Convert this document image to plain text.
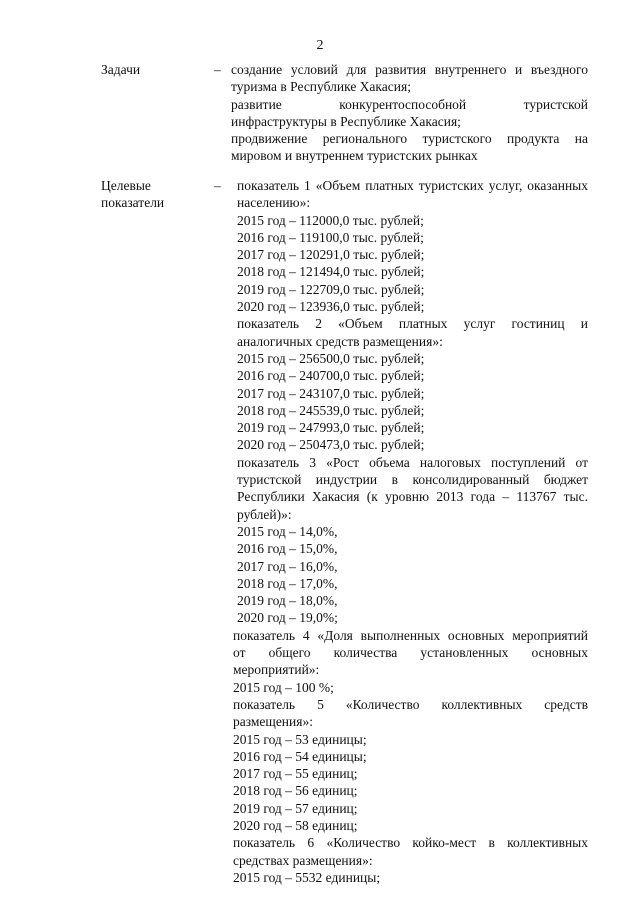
2
Задачи	– создание условий для развития внутреннего и въездного
туризма в Республике Хакасия;
развитие конкурентоспособной туристской
инфраструктуры в Республике Хакасия;
продвижение регионального туристского продукта на
мировом и внутреннем туристских рынках
Целевые
показатели
–	показатель 1 «Объем платных туристских услуг, оказанных
населению»:
2015 год – 112000,0 тыс. рублей;
2016 год – 119100,0 тыс. рублей;
2017 год – 120291,0 тыс. рублей;
2018 год – 121494,0 тыс. рублей;
2019 год – 122709,0 тыс. рублей;
2020 год – 123936,0 тыс. рублей;
показатель 2 «Объем платных услуг гостиниц и
аналогичных средств размещения»:
2015 год – 256500,0 тыс. рублей;
2016 год – 240700,0 тыс. рублей;
2017 год – 243107,0 тыс. рублей;
2018 год – 245539,0 тыс. рублей;
2019 год – 247993,0 тыс. рублей;
2020 год – 250473,0 тыс. рублей;
показатель 3 «Рост объема налоговых поступлений от
туристской индустрии в консолидированный бюджет
Республики Хакасия (к уровню 2013 года – 113767 тыс.
рублей)»:
2015 год – 14,0%,
2016 год – 15,0%,
2017 год – 16,0%,
2018 год – 17,0%,
2019 год – 18,0%,
2020 год – 19,0%;
показатель 4 «Доля выполненных основных мероприятий
от общего количества установленных основных
мероприятий»:
2015 год – 100 %;
показатель 5 «Количество коллективных средств
размещения»:
2015 год – 53 единицы;
2016 год – 54 единицы;
2017 год – 55 единиц;
2018 год – 56 единиц;
2019 год – 57 единиц;
2020 год – 58 единиц;
показатель 6 «Количество койко-мест в коллективных
средствах размещения»:
2015 год – 5532 единицы;
